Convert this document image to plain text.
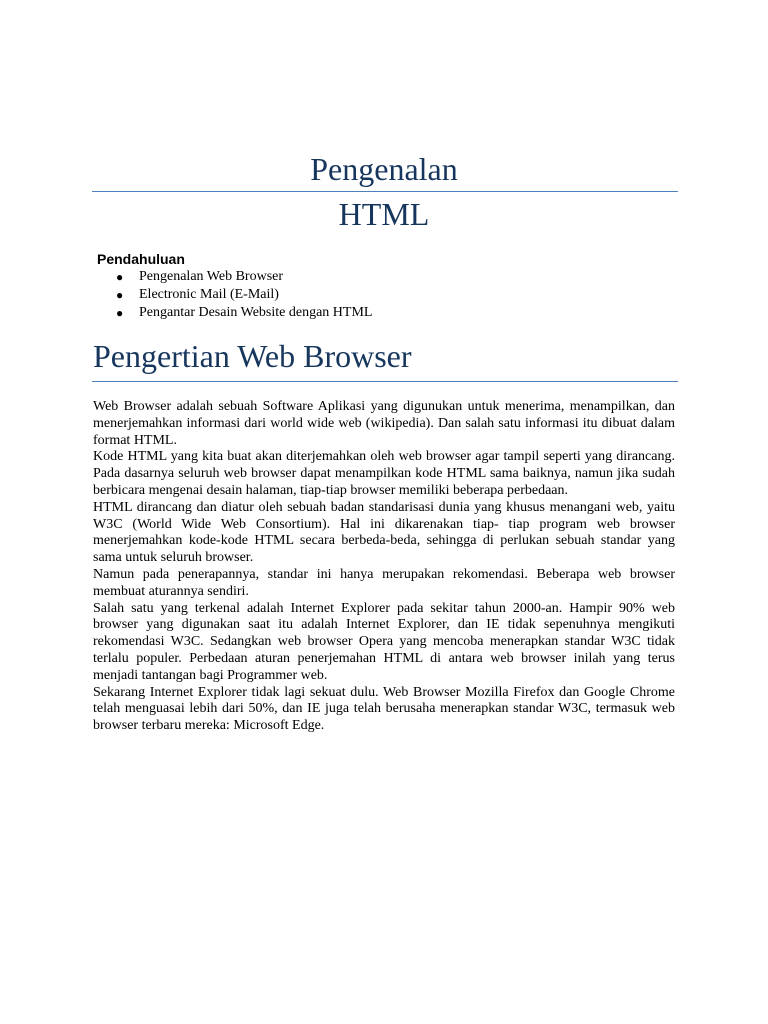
Pengenalan
HTML
Pendahuluan
● Pengenalan Web Browser
● Electronic Mail (E-Mail)
● Pengantar Desain Website dengan HTML
Pengertian Web Browser

Web Browser adalah sebuah Software Aplikasi yang digunukan untuk menerima, menampilkan, dan menerjemahkan informasi dari world wide web (wikipedia). Dan salah satu informasi itu dibuat dalam format HTML.

Kode HTML yang kita buat akan diterjemahkan oleh web browser agar tampil seperti yang dirancang. Pada dasarnya seluruh web browser dapat menampilkan kode HTML sama baiknya, namun jika sudah berbicara mengenai desain halaman, tiap-tiap browser memiliki beberapa perbedaan.

HTML dirancang dan diatur oleh sebuah badan standarisasi dunia yang khusus menangani web, yaitu W3C (World Wide Web Consortium). Hal ini dikarenakan tiap- tiap program web browser menerjemahkan kode-kode HTML secara berbeda-beda, sehingga di perlukan sebuah standar yang sama untuk seluruh browser.

Namun pada penerapannya, standar ini hanya merupakan rekomendasi. Beberapa web browser membuat aturannya sendiri.

Salah satu yang terkenal adalah Internet Explorer pada sekitar tahun 2000-an. Hampir 90% web browser yang digunakan saat itu adalah Internet Explorer, dan IE tidak sepenuhnya mengikuti rekomendasi W3C. Sedangkan web browser Opera yang mencoba menerapkan standar W3C tidak terlalu populer. Perbedaan aturan penerjemahan HTML di antara web browser inilah yang terus menjadi tantangan bagi Programmer web.

Sekarang Internet Explorer tidak lagi sekuat dulu. Web Browser Mozilla Firefox dan Google Chrome telah menguasai lebih dari 50%, dan IE juga telah berusaha menerapkan standar W3C, termasuk web browser terbaru mereka: Microsoft Edge.
